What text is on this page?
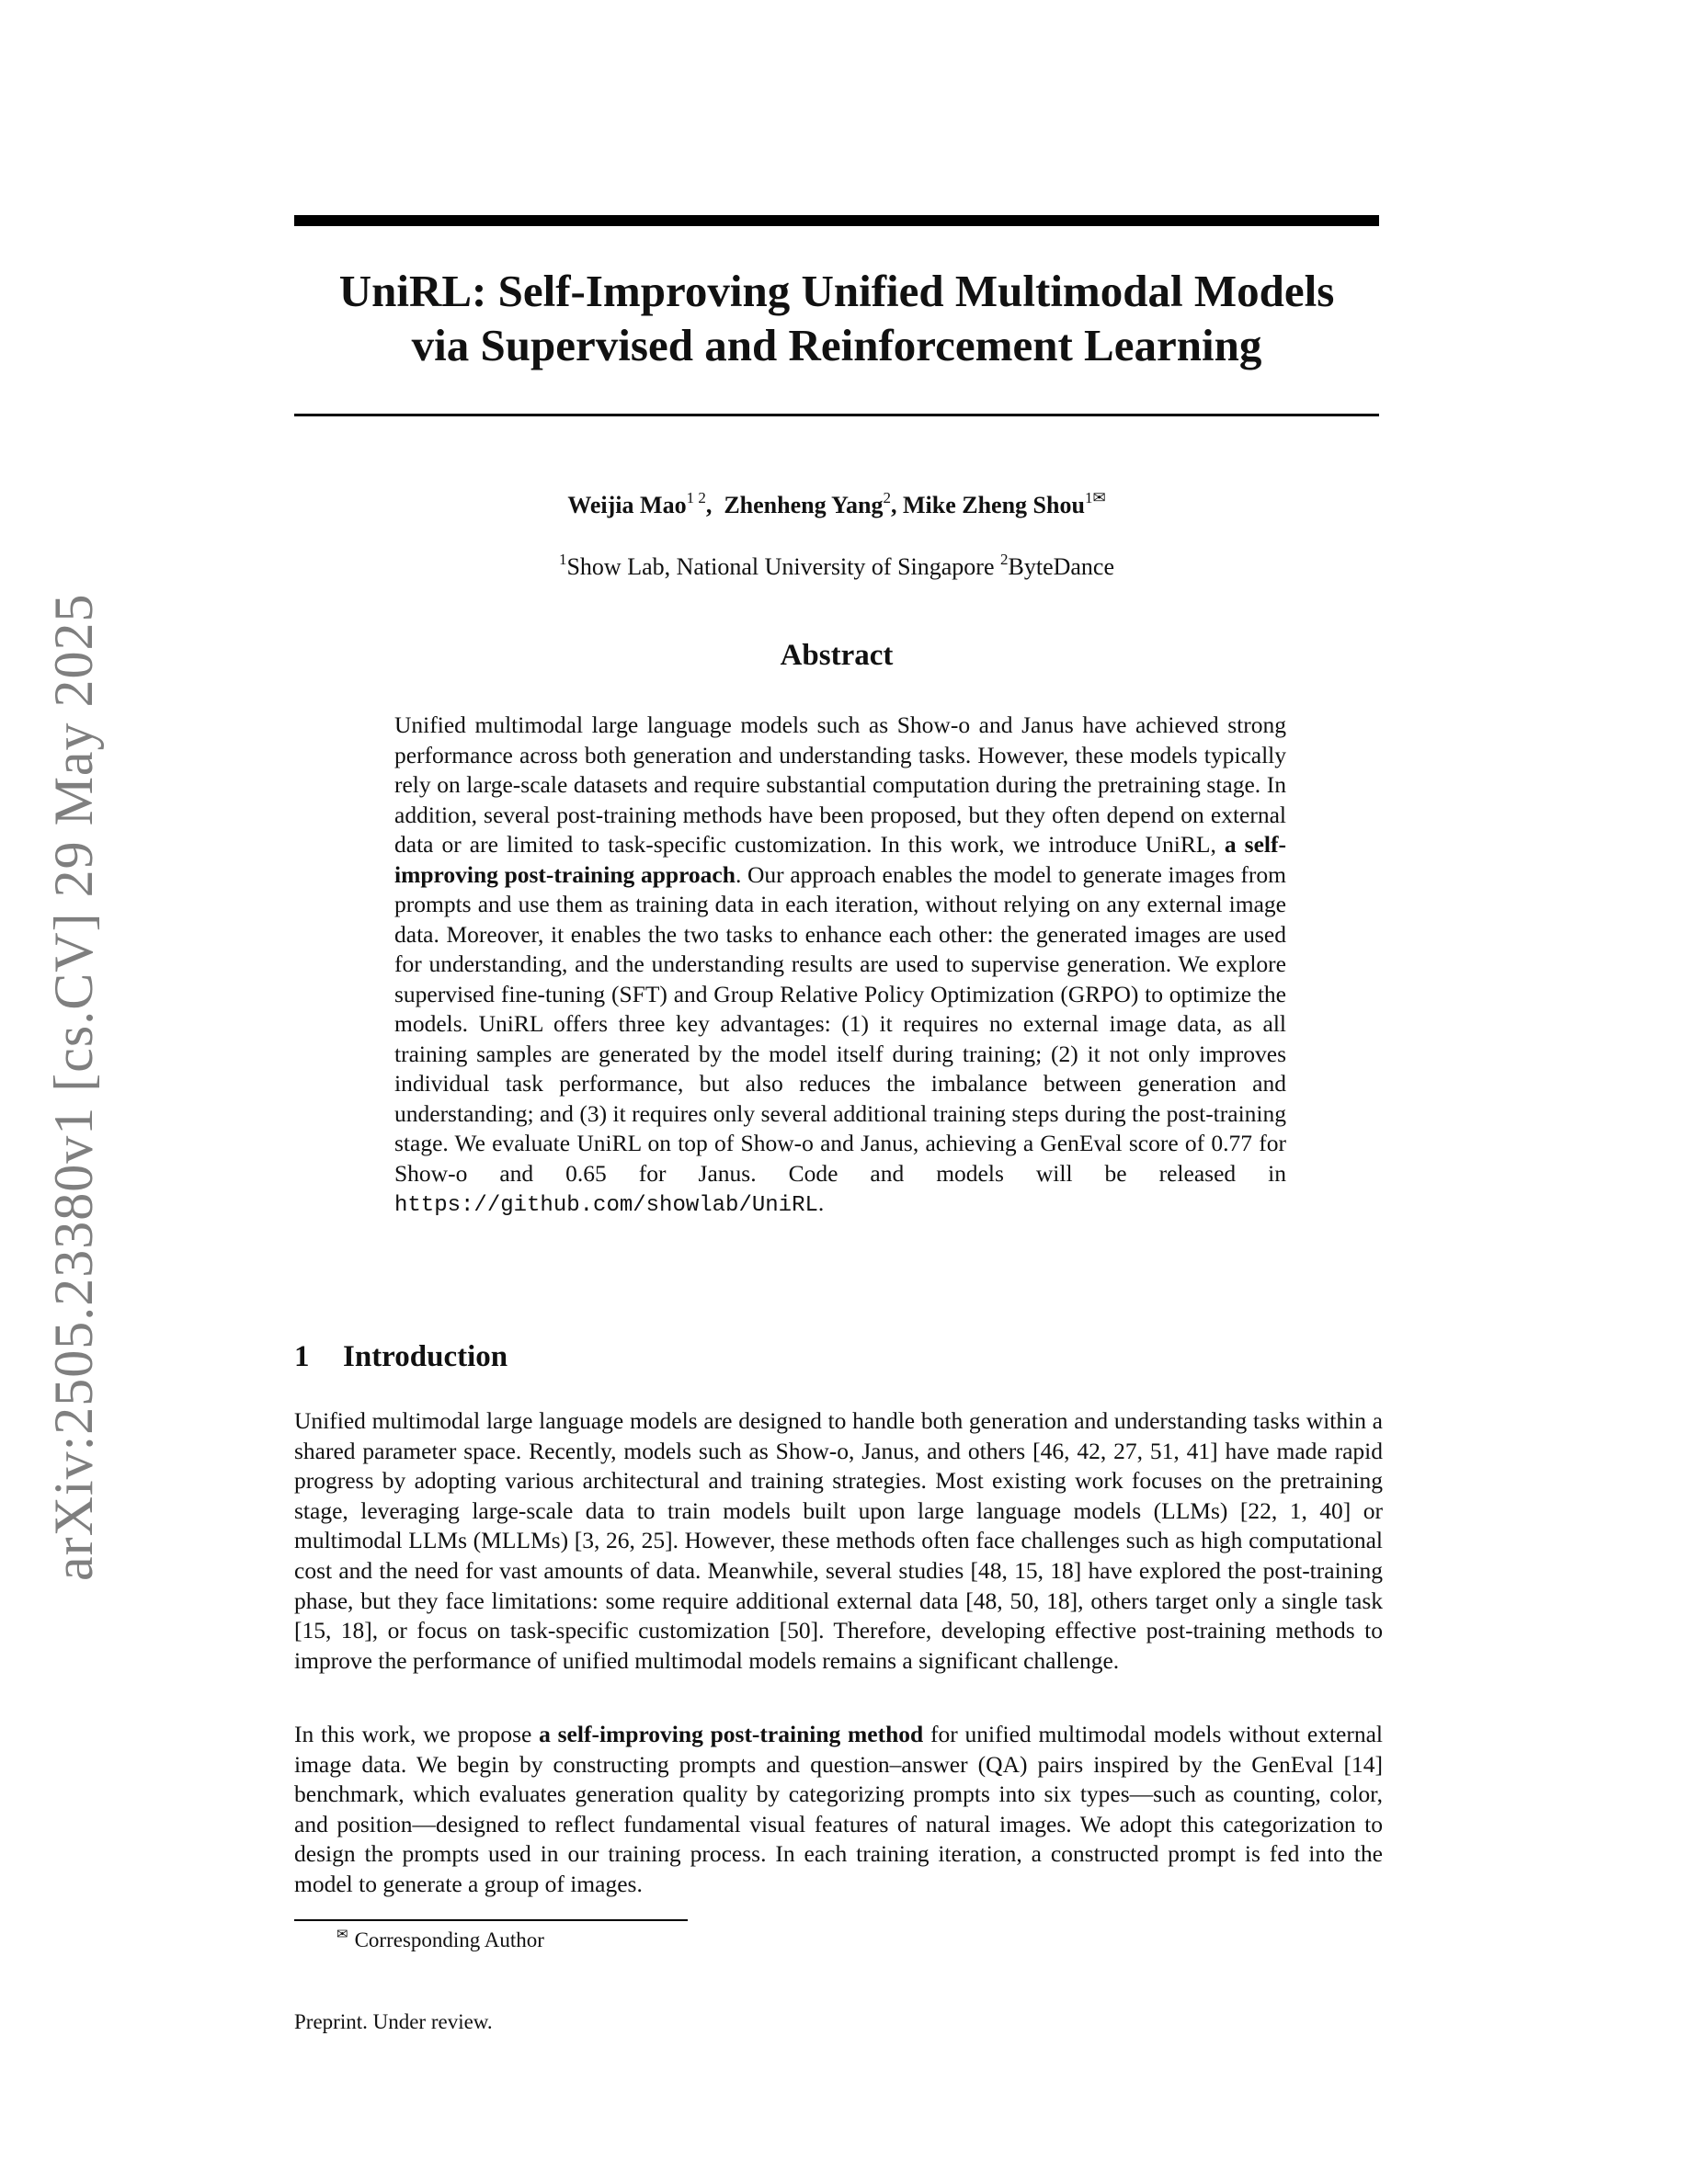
arXiv:2505.23380v1 [cs.CV] 29 May 2025
UniRL: Self-Improving Unified Multimodal Models
via Supervised and Reinforcement Learning
Weijia Mao$^{1 2}$,  Zhenheng Yang$^2$, Mike Zheng Shou$^{1✉}$
$^1$Show Lab, National University of Singapore $^2$ByteDance
Abstract
Unified multimodal large language models such as Show-o and Janus have achieved strong performance across both generation and understanding tasks. However, these models typically rely on large-scale datasets and require substantial computation during the pretraining stage. In addition, several post-training methods have been proposed, but they often depend on external data or are limited to task-specific customization. In this work, we introduce UniRL, a self-improving post-training approach. Our approach enables the model to generate images from prompts and use them as training data in each iteration, without relying on any external image data. Moreover, it enables the two tasks to enhance each other: the generated images are used for understanding, and the understanding results are used to supervise generation. We explore supervised fine-tuning (SFT) and Group Relative Policy Optimization (GRPO) to optimize the models. UniRL offers three key advantages: (1) it requires no external image data, as all training samples are generated by the model itself during training; (2) it not only improves individual task performance, but also reduces the imbalance between generation and understanding; and (3) it requires only several additional training steps during the post-training stage. We evaluate UniRL on top of Show-o and Janus, achieving a GenEval score of 0.77 for Show-o and 0.65 for Janus. Code and models will be released in https://github.com/showlab/UniRL.
1 Introduction
Unified multimodal large language models are designed to handle both generation and understanding tasks within a shared parameter space. Recently, models such as Show-o, Janus, and others [46, 42, 27, 51, 41] have made rapid progress by adopting various architectural and training strategies. Most existing work focuses on the pretraining stage, leveraging large-scale data to train models built upon large language models (LLMs) [22, 1, 40] or multimodal LLMs (MLLMs) [3, 26, 25]. However, these methods often face challenges such as high computational cost and the need for vast amounts of data. Meanwhile, several studies [48, 15, 18] have explored the post-training phase, but they face limitations: some require additional external data [48, 50, 18], others target only a single task [15, 18], or focus on task-specific customization [50]. Therefore, developing effective post-training methods to improve the performance of unified multimodal models remains a significant challenge.
In this work, we propose a self-improving post-training method for unified multimodal models without external image data. We begin by constructing prompts and question–answer (QA) pairs inspired by the GenEval [14] benchmark, which evaluates generation quality by categorizing prompts into six types—such as counting, color, and position—designed to reflect fundamental visual features of natural images. We adopt this categorization to design the prompts used in our training process. In each training iteration, a constructed prompt is fed into the model to generate a group of images.
✉ Corresponding Author
Preprint. Under review.
